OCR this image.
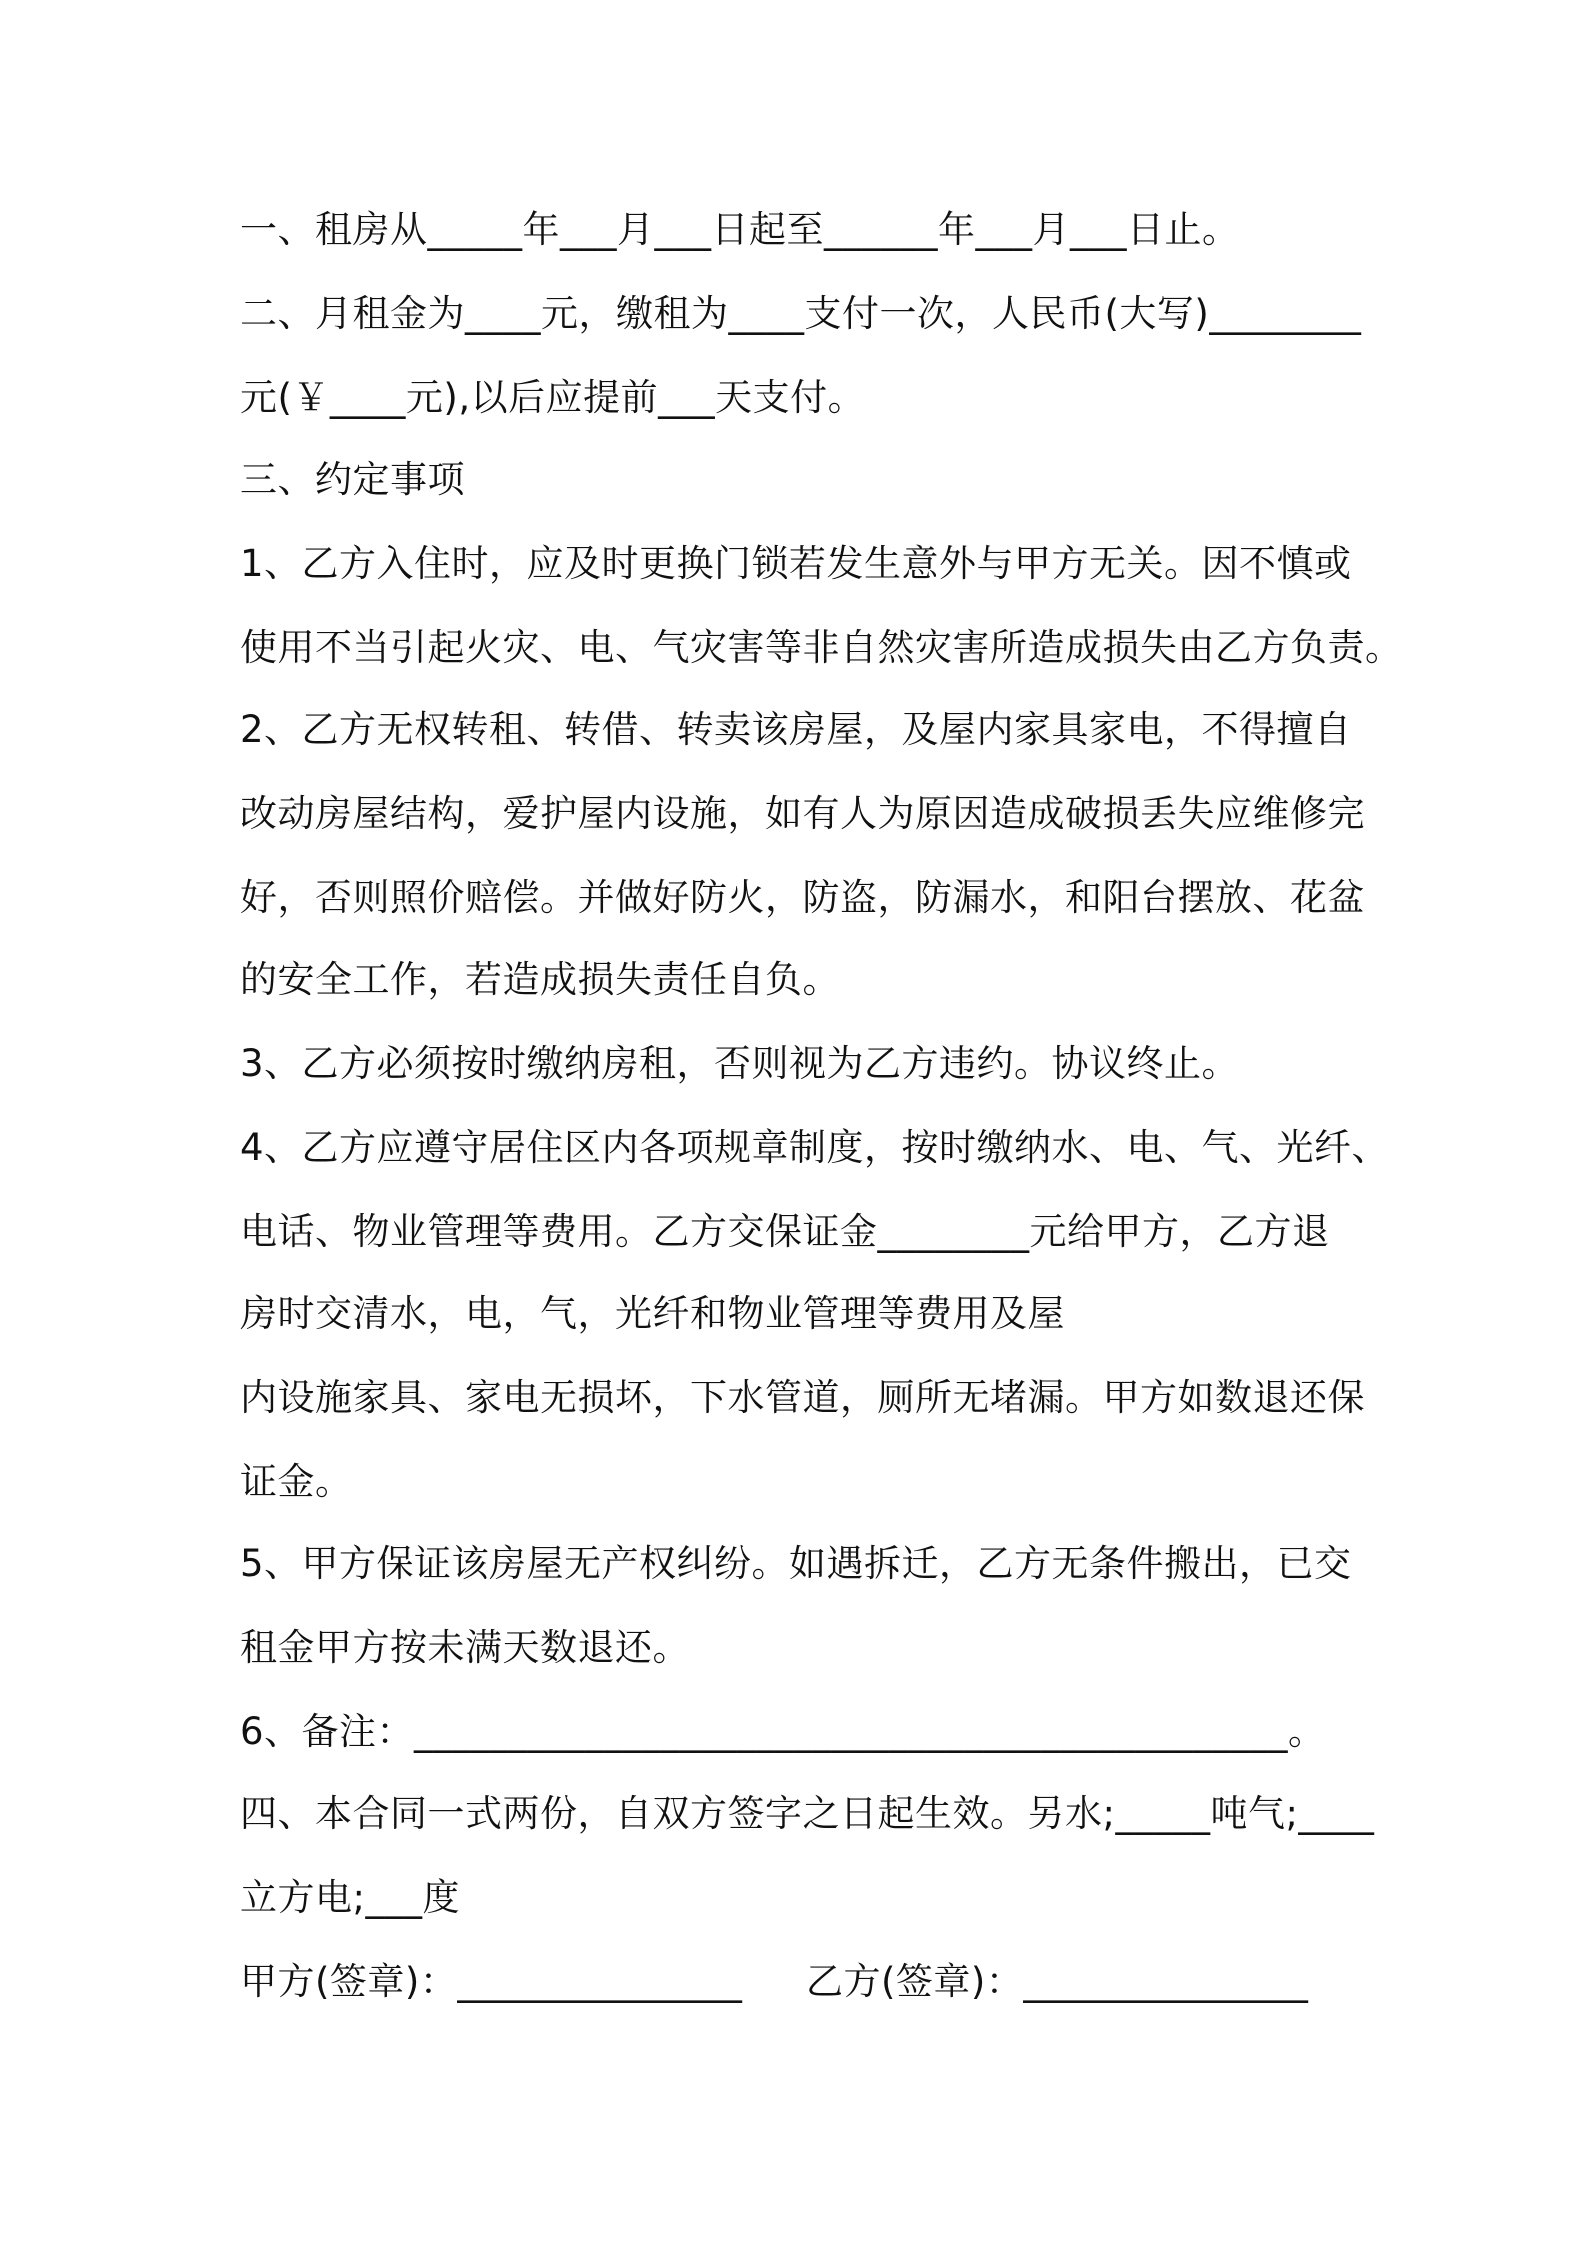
一、租房从_____年___月___日起至______年___月___日止。
二、月租金为____元，缴租为____支付一次，人民币(大写)________
元(￥____元),以后应提前___天支付。
三、约定事项
1、乙方入住时，应及时更换门锁若发生意外与甲方无关。因不慎或
使用不当引起火灾、电、气灾害等非自然灾害所造成损失由乙方负责。
2、乙方无权转租、转借、转卖该房屋，及屋内家具家电，不得擅自
改动房屋结构，爱护屋内设施，如有人为原因造成破损丢失应维修完
好，否则照价赔偿。并做好防火，防盗，防漏水，和阳台摆放、花盆
的安全工作，若造成损失责任自负。
3、乙方必须按时缴纳房租，否则视为乙方违约。协议终止。
4、乙方应遵守居住区内各项规章制度，按时缴纳水、电、气、光纤、
电话、物业管理等费用。乙方交保证金________元给甲方，乙方退
房时交清水，电，气，光纤和物业管理等费用及屋
内设施家具、家电无损坏，下水管道，厕所无堵漏。甲方如数退还保
证金。
5、甲方保证该房屋无产权纠纷。如遇拆迁，乙方无条件搬出，已交
租金甲方按未满天数退还。
6、备注：______________________________________________。
四、本合同一式两份，自双方签字之日起生效。另水;_____吨气;____
立方电;___度
甲方(签章)：_______________ 乙方(签章)：_______________
